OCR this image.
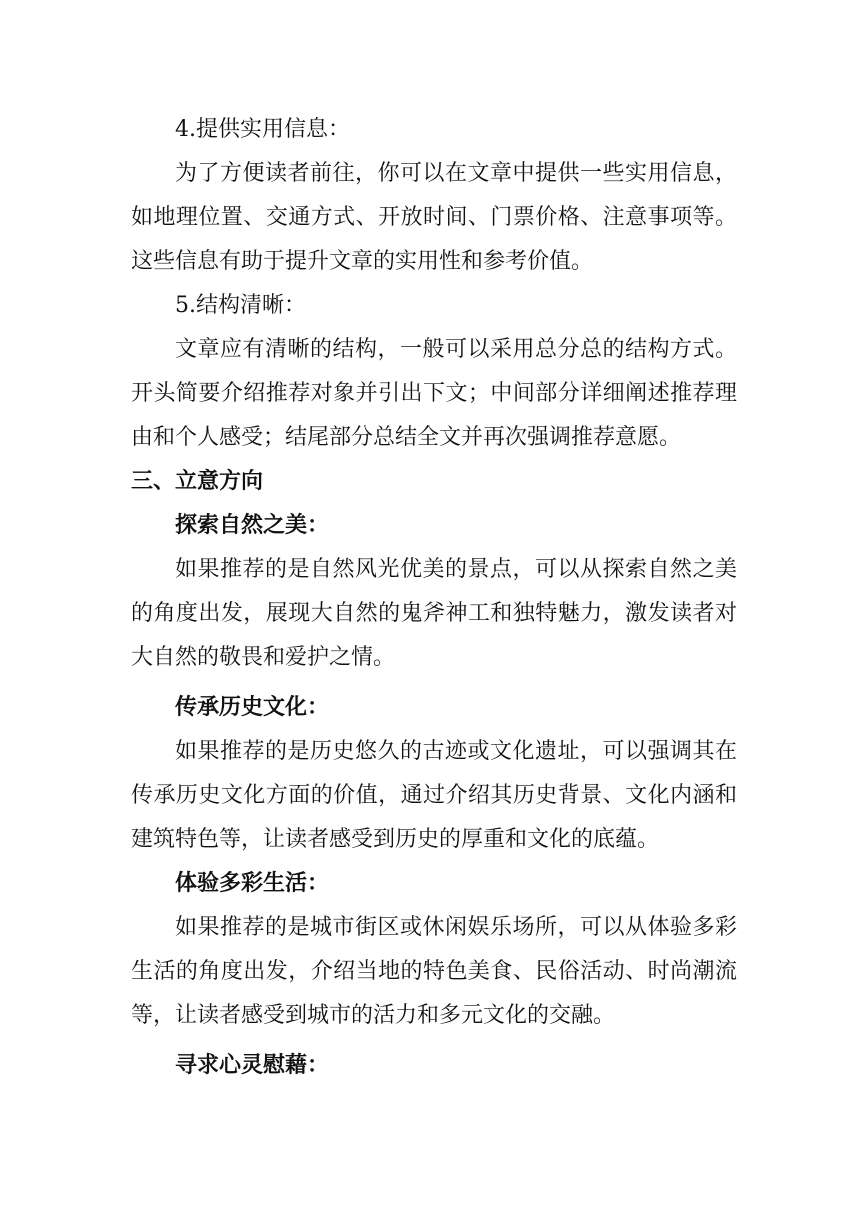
4.提供实用信息：

为了方便读者前往，你可以在文章中提供一些实用信息，如地理位置、交通方式、开放时间、门票价格、注意事项等。这些信息有助于提升文章的实用性和参考价值。

5.结构清晰：

文章应有清晰的结构，一般可以采用总分总的结构方式。开头简要介绍推荐对象并引出下文；中间部分详细阐述推荐理由和个人感受；结尾部分总结全文并再次强调推荐意愿。

三、立意方向

探索自然之美：

如果推荐的是自然风光优美的景点，可以从探索自然之美的角度出发，展现大自然的鬼斧神工和独特魅力，激发读者对大自然的敬畏和爱护之情。

传承历史文化：

如果推荐的是历史悠久的古迹或文化遗址，可以强调其在传承历史文化方面的价值，通过介绍其历史背景、文化内涵和建筑特色等，让读者感受到历史的厚重和文化的底蕴。

体验多彩生活：

如果推荐的是城市街区或休闲娱乐场所，可以从体验多彩生活的角度出发，介绍当地的特色美食、民俗活动、时尚潮流等，让读者感受到城市的活力和多元文化的交融。

寻求心灵慰藉：
